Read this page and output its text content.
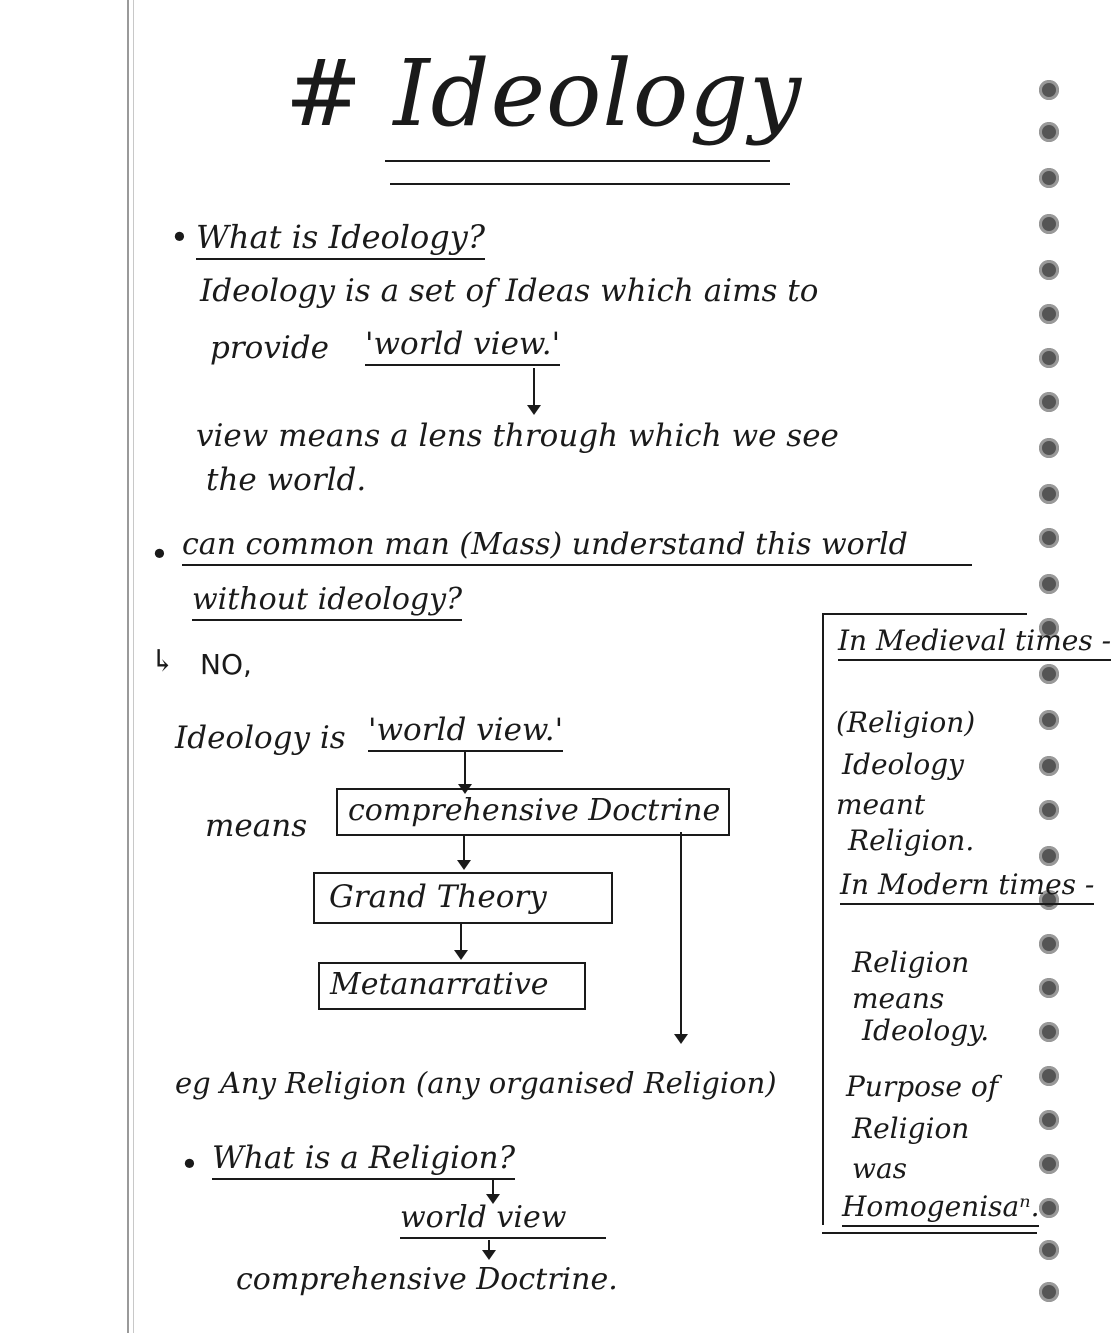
# Ideology
• What is Ideology?
Ideology is a set of Ideas which aims to
provide 'world view.'
view means a lens through which we see
the world.
• can common man (Mass) understand this world
without ideology?
↳ NO,
Ideology is 'world view.'
means comprehensive Doctrine
Grand Theory
Metanarrative
eg Any Religion (any organised Religion)
• What is a Religion?
world view
comprehensive Doctrine.
In Medieval times -
(Religion)
Ideology
meant
Religion.
In Modern times -
Religion
means
Ideology.
Purpose of
Religion
was
Homogenisaⁿ.
